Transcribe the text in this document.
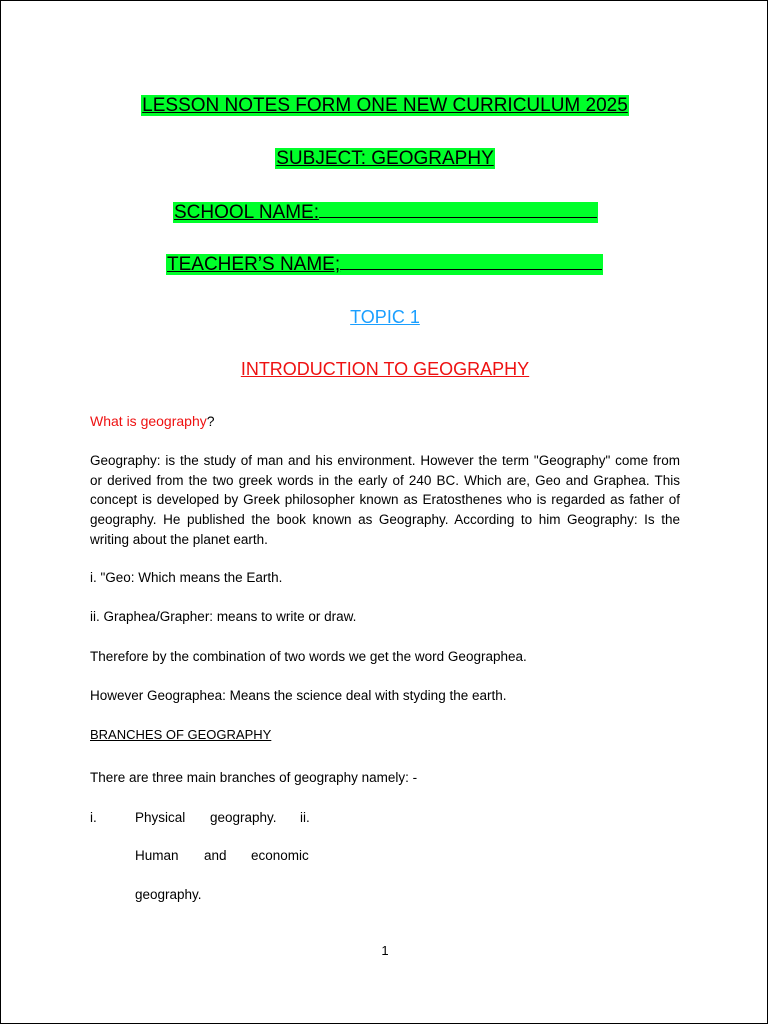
LESSON NOTES FORM ONE NEW CURRICULUM 2025
SUBJECT: GEOGRAPHY
SCHOOL NAME:
TEACHER’S NAME;
TOPIC 1
INTRODUCTION TO GEOGRAPHY
What is geography?
Geography: is the study of man and his environment. However the term "Geography" come from or derived from the two greek words in the early of 240 BC. Which are, Geo and Graphea. This concept is developed by Greek philosopher known as Eratosthenes who is regarded as father of geography. He published the book known as Geography. According to him Geography: Is the writing about the planet earth.
i. "Geo: Which means the Earth.
ii. Graphea/Grapher: means to write or draw.
Therefore by the combination of two words we get the word Geographea.
However Geographea: Means the science deal with styding the earth.
BRANCHES OF GEOGRAPHY
There are three main branches of geography namely: -
i.	Physical geography. ii.
Human and economic
geography.
1
